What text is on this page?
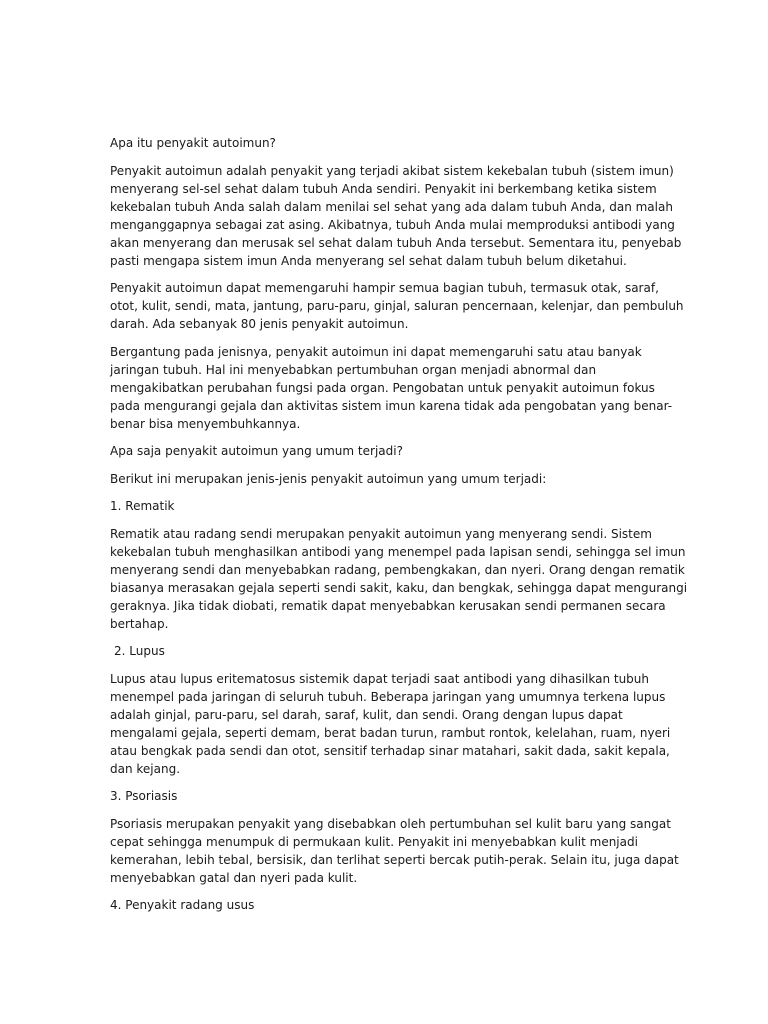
Apa itu penyakit autoimun?
Penyakit autoimun adalah penyakit yang terjadi akibat sistem kekebalan tubuh (sistem imun)
menyerang sel-sel sehat dalam tubuh Anda sendiri. Penyakit ini berkembang ketika sistem
kekebalan tubuh Anda salah dalam menilai sel sehat yang ada dalam tubuh Anda, dan malah
menganggapnya sebagai zat asing. Akibatnya, tubuh Anda mulai memproduksi antibodi yang
akan menyerang dan merusak sel sehat dalam tubuh Anda tersebut. Sementara itu, penyebab
pasti mengapa sistem imun Anda menyerang sel sehat dalam tubuh belum diketahui.
Penyakit autoimun dapat memengaruhi hampir semua bagian tubuh, termasuk otak, saraf,
otot, kulit, sendi, mata, jantung, paru-paru, ginjal, saluran pencernaan, kelenjar, dan pembuluh
darah. Ada sebanyak 80 jenis penyakit autoimun.
Bergantung pada jenisnya, penyakit autoimun ini dapat memengaruhi satu atau banyak
jaringan tubuh. Hal ini menyebabkan pertumbuhan organ menjadi abnormal dan
mengakibatkan perubahan fungsi pada organ. Pengobatan untuk penyakit autoimun fokus
pada mengurangi gejala dan aktivitas sistem imun karena tidak ada pengobatan yang benar-
benar bisa menyembuhkannya.
Apa saja penyakit autoimun yang umum terjadi?
Berikut ini merupakan jenis-jenis penyakit autoimun yang umum terjadi:
1. Rematik
Rematik atau radang sendi merupakan penyakit autoimun yang menyerang sendi. Sistem
kekebalan tubuh menghasilkan antibodi yang menempel pada lapisan sendi, sehingga sel imun
menyerang sendi dan menyebabkan radang, pembengkakan, dan nyeri. Orang dengan rematik
biasanya merasakan gejala seperti sendi sakit, kaku, dan bengkak, sehingga dapat mengurangi
geraknya. Jika tidak diobati, rematik dapat menyebabkan kerusakan sendi permanen secara
bertahap.
2. Lupus
Lupus atau lupus eritematosus sistemik dapat terjadi saat antibodi yang dihasilkan tubuh
menempel pada jaringan di seluruh tubuh. Beberapa jaringan yang umumnya terkena lupus
adalah ginjal, paru-paru, sel darah, saraf, kulit, dan sendi. Orang dengan lupus dapat
mengalami gejala, seperti demam, berat badan turun, rambut rontok, kelelahan, ruam, nyeri
atau bengkak pada sendi dan otot, sensitif terhadap sinar matahari, sakit dada, sakit kepala,
dan kejang.
3. Psoriasis
Psoriasis merupakan penyakit yang disebabkan oleh pertumbuhan sel kulit baru yang sangat
cepat sehingga menumpuk di permukaan kulit. Penyakit ini menyebabkan kulit menjadi
kemerahan, lebih tebal, bersisik, dan terlihat seperti bercak putih-perak. Selain itu, juga dapat
menyebabkan gatal dan nyeri pada kulit.
4. Penyakit radang usus
